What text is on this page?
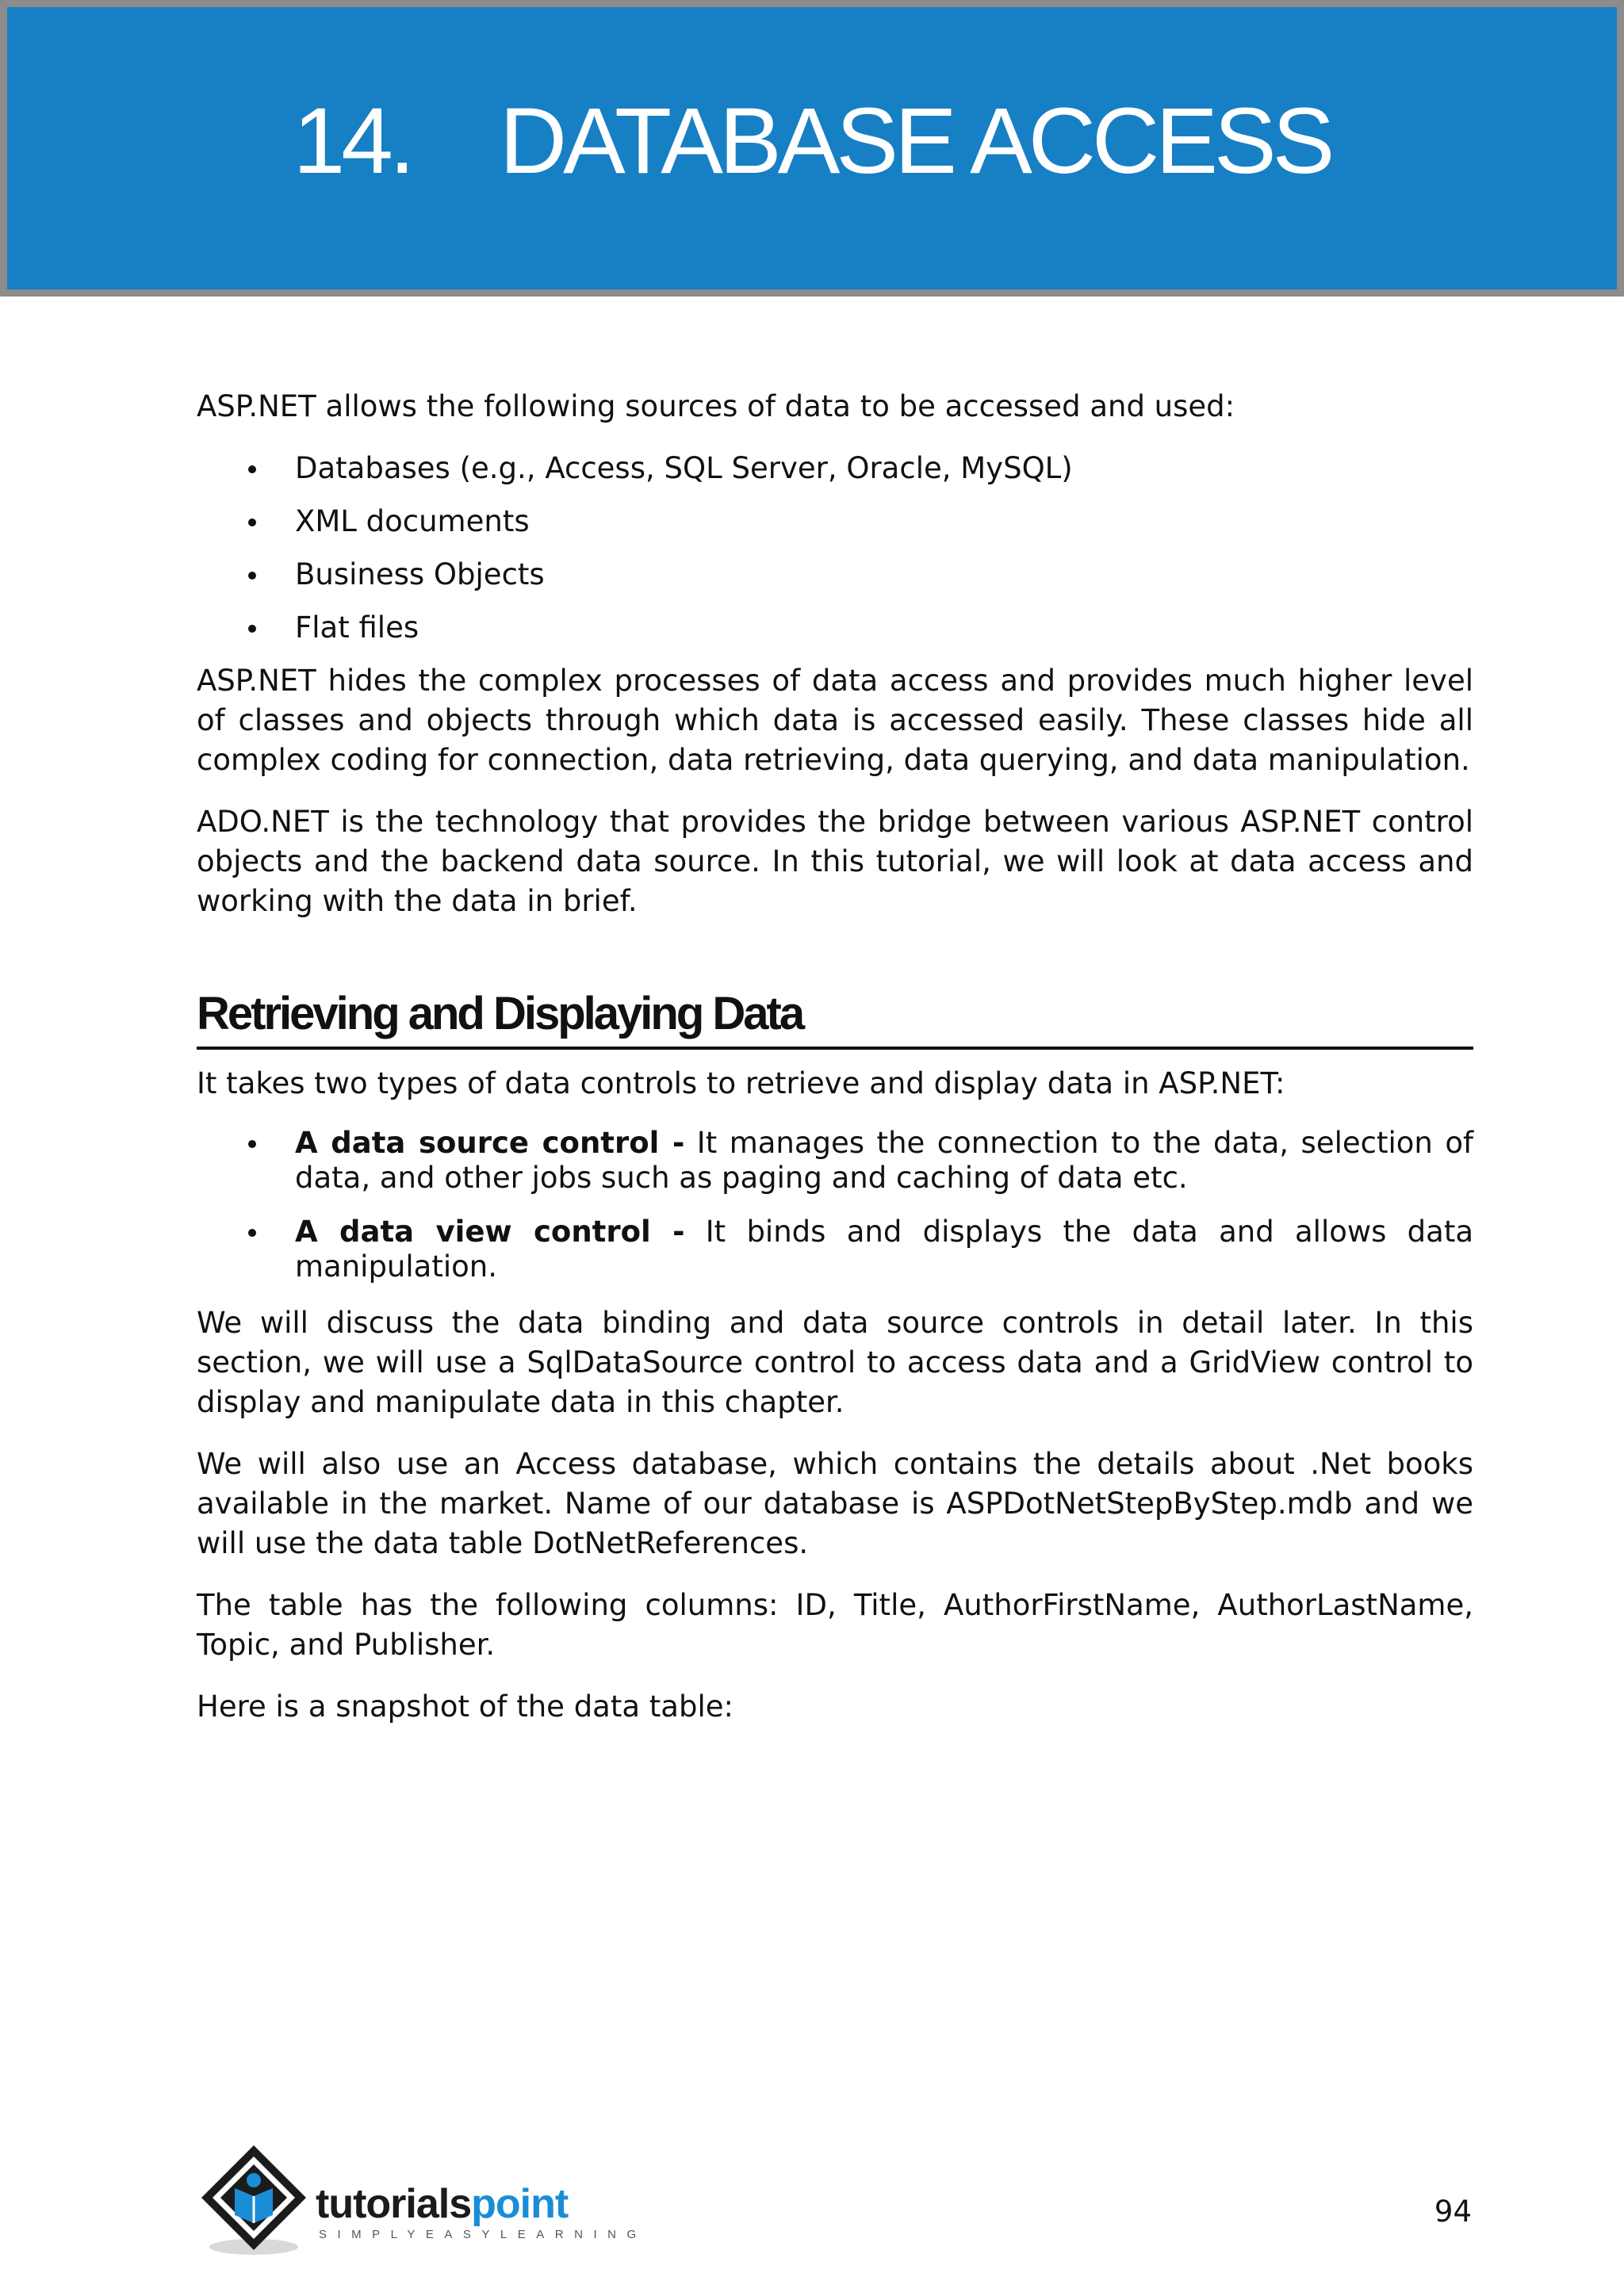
14. DATABASE ACCESS

ASP.NET allows the following sources of data to be accessed and used:

Databases (e.g., Access, SQL Server, Oracle, MySQL)
XML documents
Business Objects
Flat files

ASP.NET hides the complex processes of data access and provides much higher level of classes and objects through which data is accessed easily. These classes hide all complex coding for connection, data retrieving, data querying, and data manipulation.

ADO.NET is the technology that provides the bridge between various ASP.NET control objects and the backend data source. In this tutorial, we will look at data access and working with the data in brief.

Retrieving and Displaying Data

It takes two types of data controls to retrieve and display data in ASP.NET:

A data source control - It manages the connection to the data, selection of data, and other jobs such as paging and caching of data etc.
A data view control - It binds and displays the data and allows data manipulation.

We will discuss the data binding and data source controls in detail later. In this section, we will use a SqlDataSource control to access data and a GridView control to display and manipulate data in this chapter.

We will also use an Access database, which contains the details about .Net books available in the market. Name of our database is ASPDotNetStepByStep.mdb and we will use the data table DotNetReferences.

The table has the following columns: ID, Title, AuthorFirstName, AuthorLastName, Topic, and Publisher.

Here is a snapshot of the data table:

tutorialspoint
SIMPLYEASYLEARNING
94
